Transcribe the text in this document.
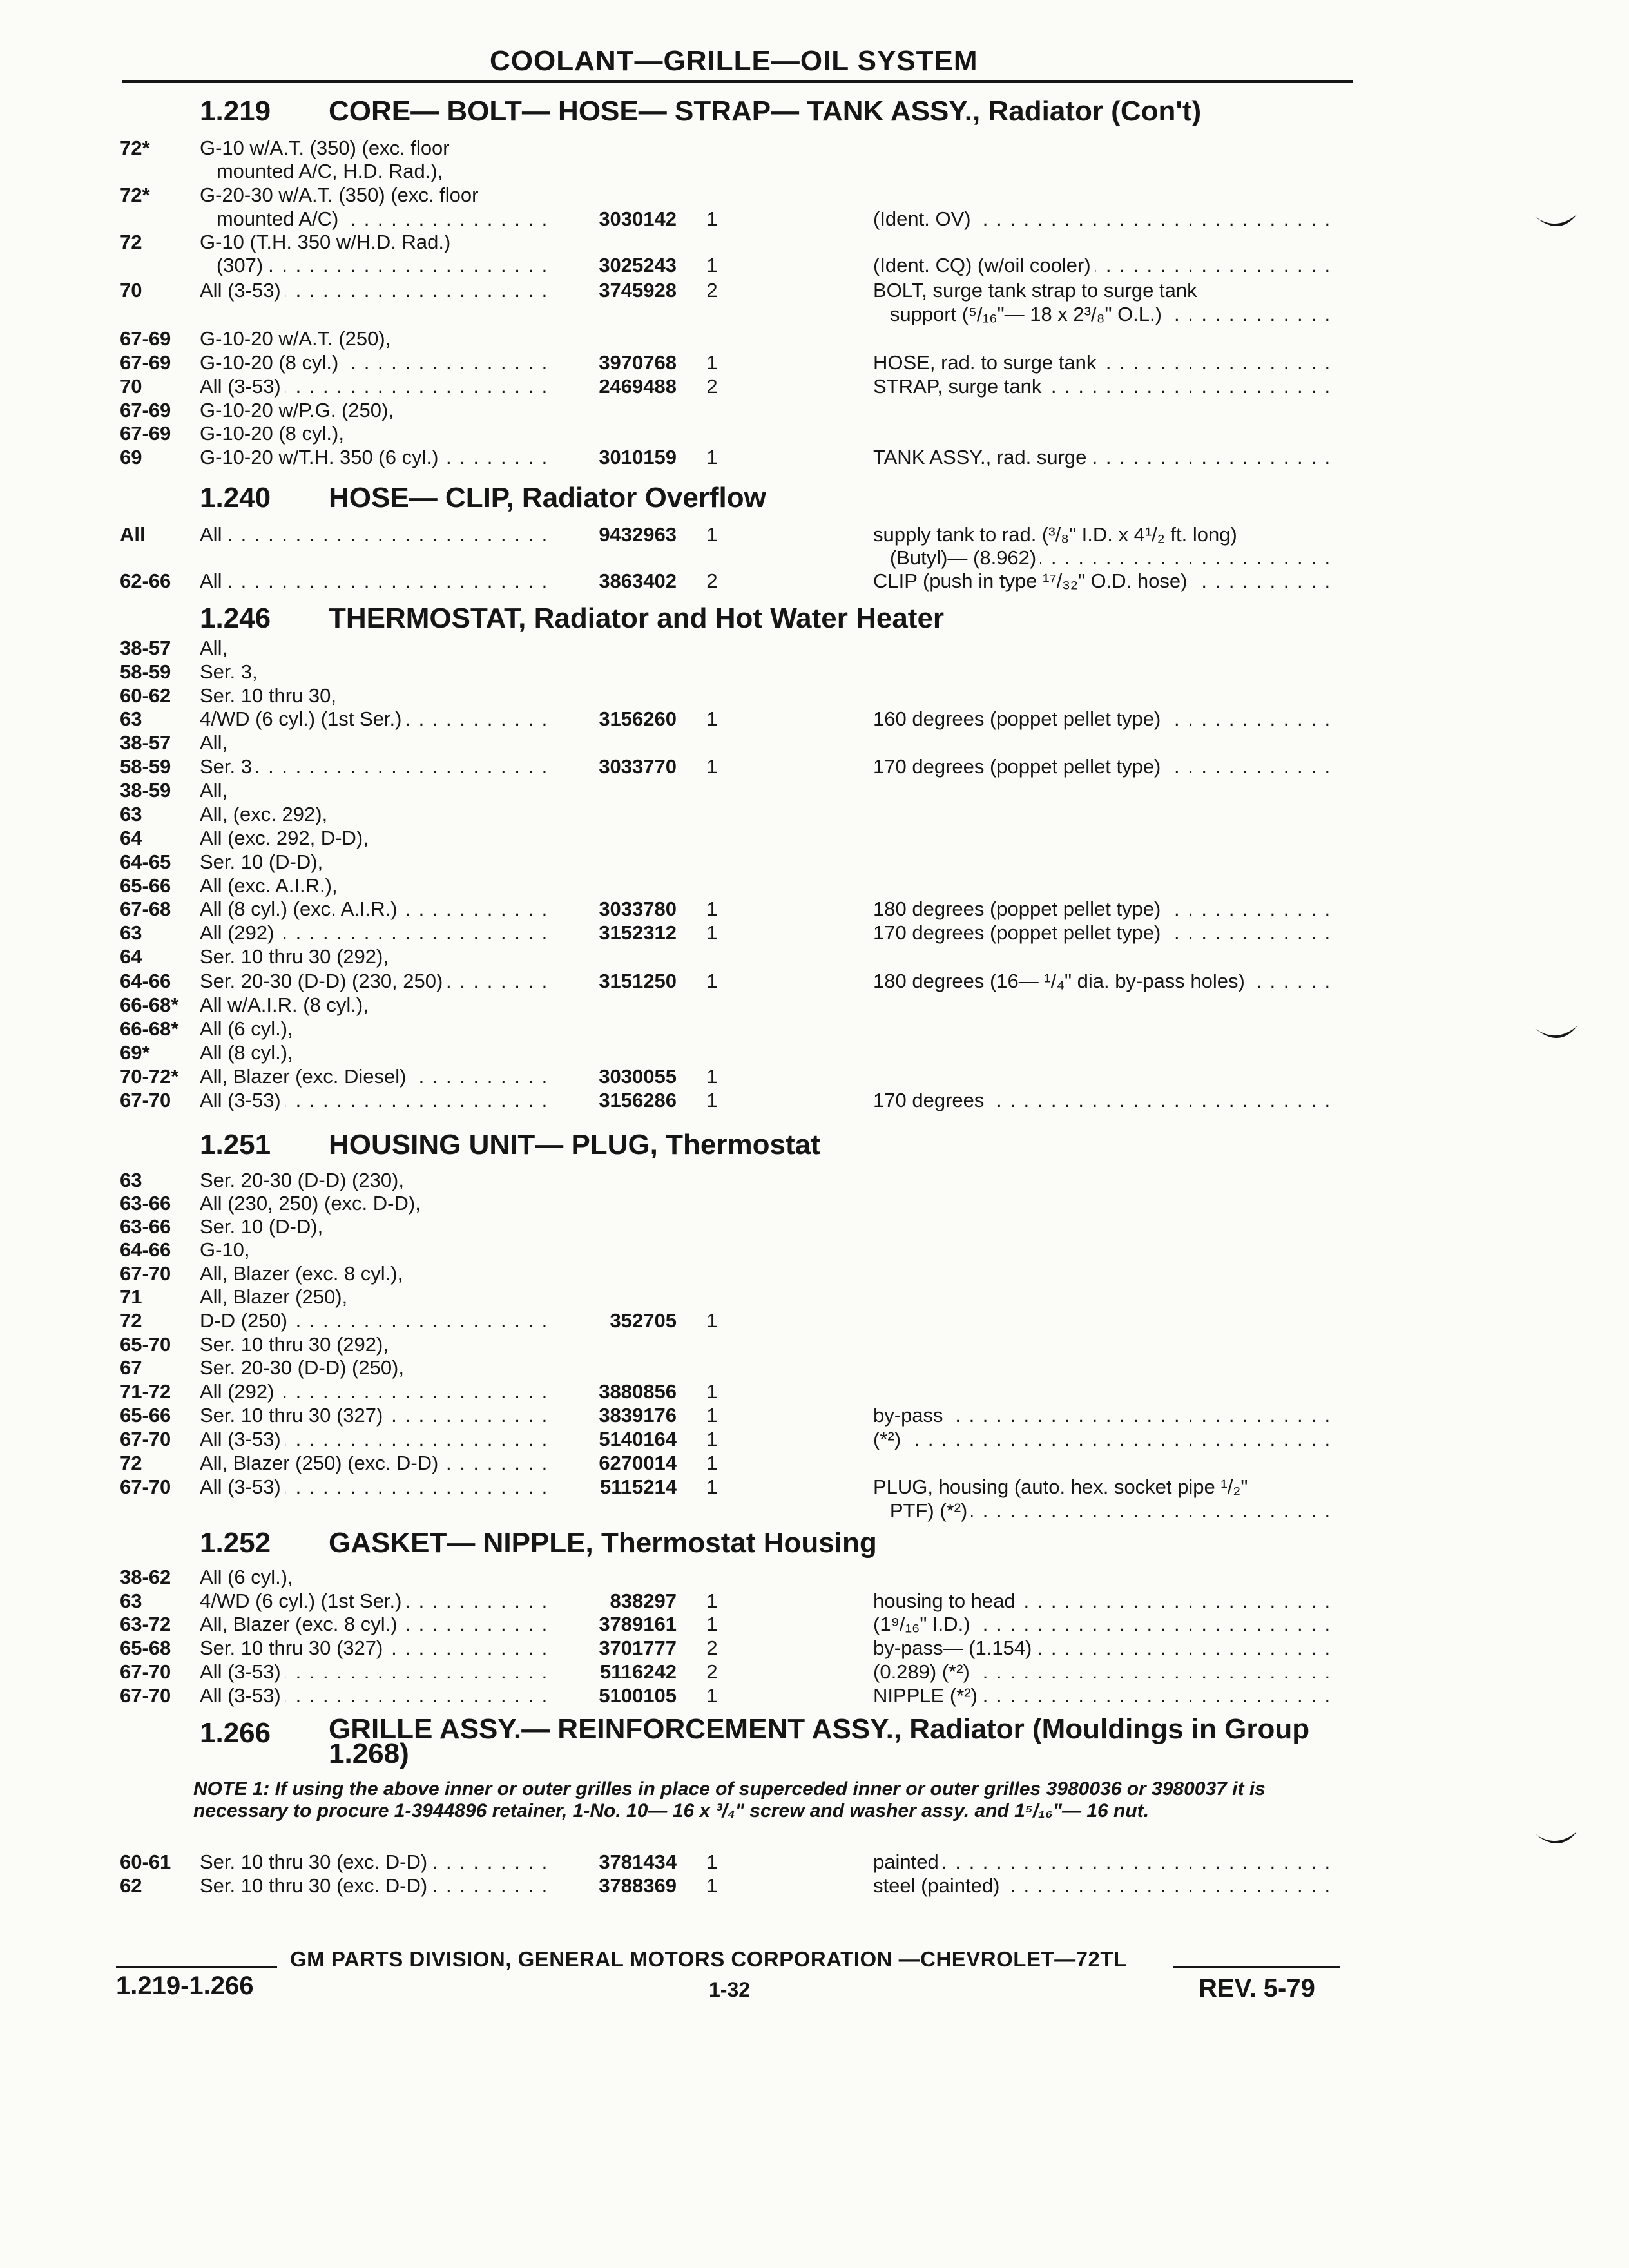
COOLANT—GRILLE—OIL SYSTEM
1.219 CORE— BOLT— HOSE— STRAP— TANK ASSY., Radiator (Con't)
1.240 HOSE— CLIP, Radiator Overflow
1.246 THERMOSTAT, Radiator and Hot Water Heater
1.251 HOUSING UNIT— PLUG, Thermostat
1.252 GASKET— NIPPLE, Thermostat Housing
1.266 GRILLE ASSY.— REINFORCEMENT ASSY., Radiator (Mouldings in Group 1.268)
72* G-10 w/A.T. (350) (exc. floor
mounted A/C, H.D. Rad.),
72* G-20-30 w/A.T. (350) (exc. floor
mounted A/C) . . .	3030142 1	(Ident. OV) . . .
72	G-10 (T.H. 350 w/H.D. Rad.)
(307) . . .	3025243 1	(Ident. CQ) (w/oil cooler) . . .
70	All (3-53) . . .	3745928 2	BOLT, surge tank strap to surge tank
support (⁵/₁₆"— 18 x 2³/₈" O.L.) . . .
67-69 G-10-20 w/A.T. (250),
67-69 G-10-20 (8 cyl.) . . .	3970768 1	HOSE, rad. to surge tank . . .
70	All (3-53) . . .	2469488 2	STRAP, surge tank . . .
67-69 G-10-20 w/P.G. (250),
67-69 G-10-20 (8 cyl.),
69	G-10-20 w/T.H. 350 (6 cyl.) . . .	3010159 1	TANK ASSY., rad. surge . . .
All	All . . .	9432963 1	supply tank to rad. (³/₈" I.D. x 4¹/₂ ft. long)
(Butyl)— (8.962) . . .
62-66 All . . .	3863402 2	CLIP (push in type ¹⁷/₃₂" O.D. hose) . . .
38-57 All,
58-59 Ser. 3,
60-62 Ser. 10 thru 30,
63	4/WD (6 cyl.) (1st Ser.) . . .	3156260 1	160 degrees (poppet pellet type) . . .
38-57 All,
58-59 Ser. 3 . . .	3033770 1	170 degrees (poppet pellet type) . . .
38-59 All,
63	All, (exc. 292),
64	All (exc. 292, D-D),
64-65 Ser. 10 (D-D),
65-66 All (exc. A.I.R.),
67-68 All (8 cyl.) (exc. A.I.R.) . . .	3033780 1	180 degrees (poppet pellet type) . . .
63	All (292) . . .	3152312 1	170 degrees (poppet pellet type) . . .
64	Ser. 10 thru 30 (292),
64-66 Ser. 20-30 (D-D) (230, 250) . . .	3151250 1	180 degrees (16— ¹/₄" dia. by-pass holes) . . .
66-68* All w/A.I.R. (8 cyl.),
66-68* All (6 cyl.),
69* All (8 cyl.),
70-72* All, Blazer (exc. Diesel) . . .	3030055 1
67-70 All (3-53) . . .	3156286 1	170 degrees . . .
63	Ser. 20-30 (D-D) (230),
63-66 All (230, 250) (exc. D-D),
63-66 Ser. 10 (D-D),
64-66 G-10,
67-70 All, Blazer (exc. 8 cyl.),
71	All, Blazer (250),
72	D-D (250) . . .	352705 1
65-70 Ser. 10 thru 30 (292),
67	Ser. 20-30 (D-D) (250),
71-72 All (292) . . .	3880856 1
65-66 Ser. 10 thru 30 (327) . . .	3839176 1	by-pass . . .
67-70 All (3-53) . . .	5140164 1	(*²) . . .
72	All, Blazer (250) (exc. D-D) . . .	6270014 1
67-70 All (3-53) . . .	5115214 1	PLUG, housing (auto. hex. socket pipe ¹/₂"
PTF) (*²) . . .
38-62 All (6 cyl.),
63	4/WD (6 cyl.) (1st Ser.) . . .	838297 1	housing to head . . .
63-72 All, Blazer (exc. 8 cyl.) . . .	3789161 1	(1⁹/₁₆" I.D.) . . .
65-68 Ser. 10 thru 30 (327) . . .	3701777 2	by-pass— (1.154) . . .
67-70 All (3-53) . . .	5116242 2	(0.289) (*²) . . .
67-70 All (3-53) . . .	5100105 1	NIPPLE (*²) . . .
60-61 Ser. 10 thru 30 (exc. D-D) . . .	3781434 1	painted . . .
62	Ser. 10 thru 30 (exc. D-D) . . .	3788369 1	steel (painted) . . .
NOTE 1: If using the above inner or outer grilles in place of superceded inner or outer grilles 3980036 or 3980037 it is necessary to procure 1-3944896 retainer, 1-No. 10— 16 x ³/₄" screw and washer assy. and 1⁵/₁₆"— 16 nut.
GM PARTS DIVISION, GENERAL MOTORS CORPORATION —CHEVROLET—72TL
1.219-1.266	1-32	REV. 5-79
